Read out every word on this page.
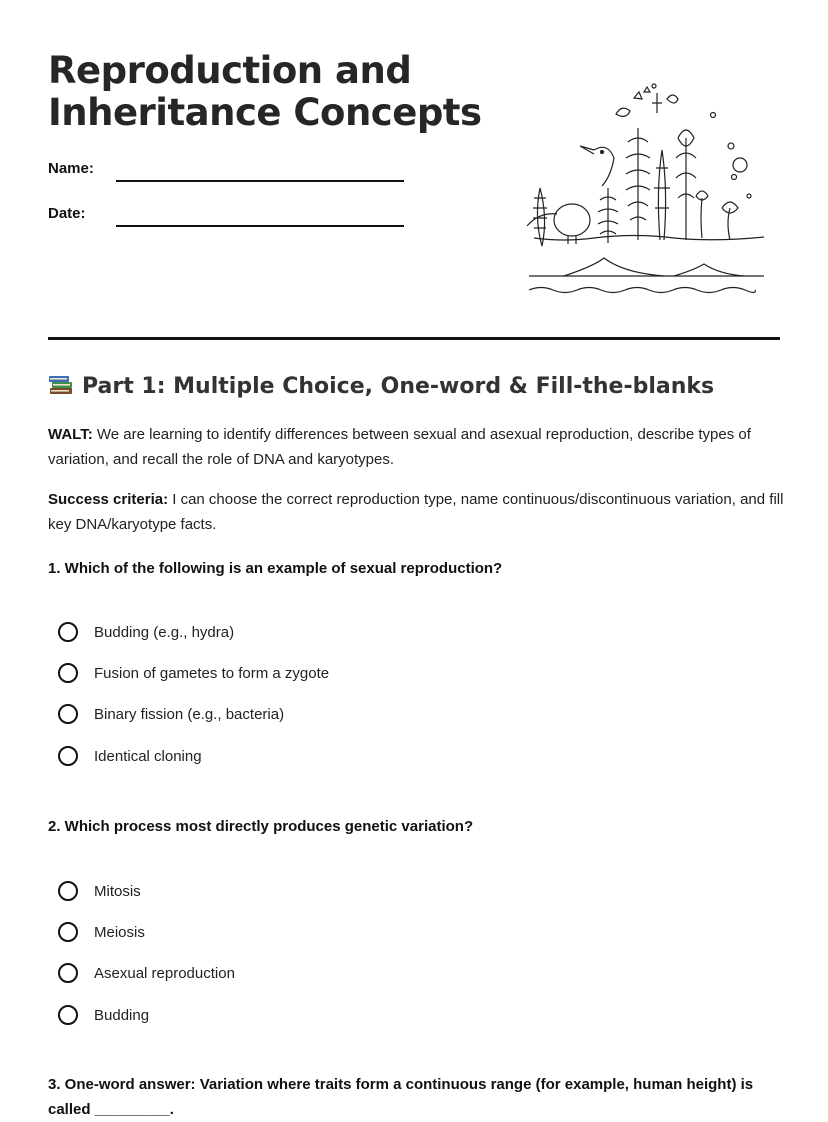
Reproduction and Inheritance Concepts
Name:
Date:
Part 1: Multiple Choice, One-word & Fill-the-blanks

WALT: We are learning to identify differences between sexual and asexual reproduction, describe types of variation, and recall the role of DNA and karyotypes.

Success criteria: I can choose the correct reproduction type, name continuous/discontinuous variation, and fill key DNA/karyotype facts.

1. Which of the following is an example of sexual reproduction?

Budding (e.g., hydra)
Fusion of gametes to form a zygote
Binary fission (e.g., bacteria)
Identical cloning

2. Which process most directly produces genetic variation?

Mitosis
Meiosis
Asexual reproduction
Budding

3. One-word answer: Variation where traits form a continuous range (for example, human height) is called _________.
